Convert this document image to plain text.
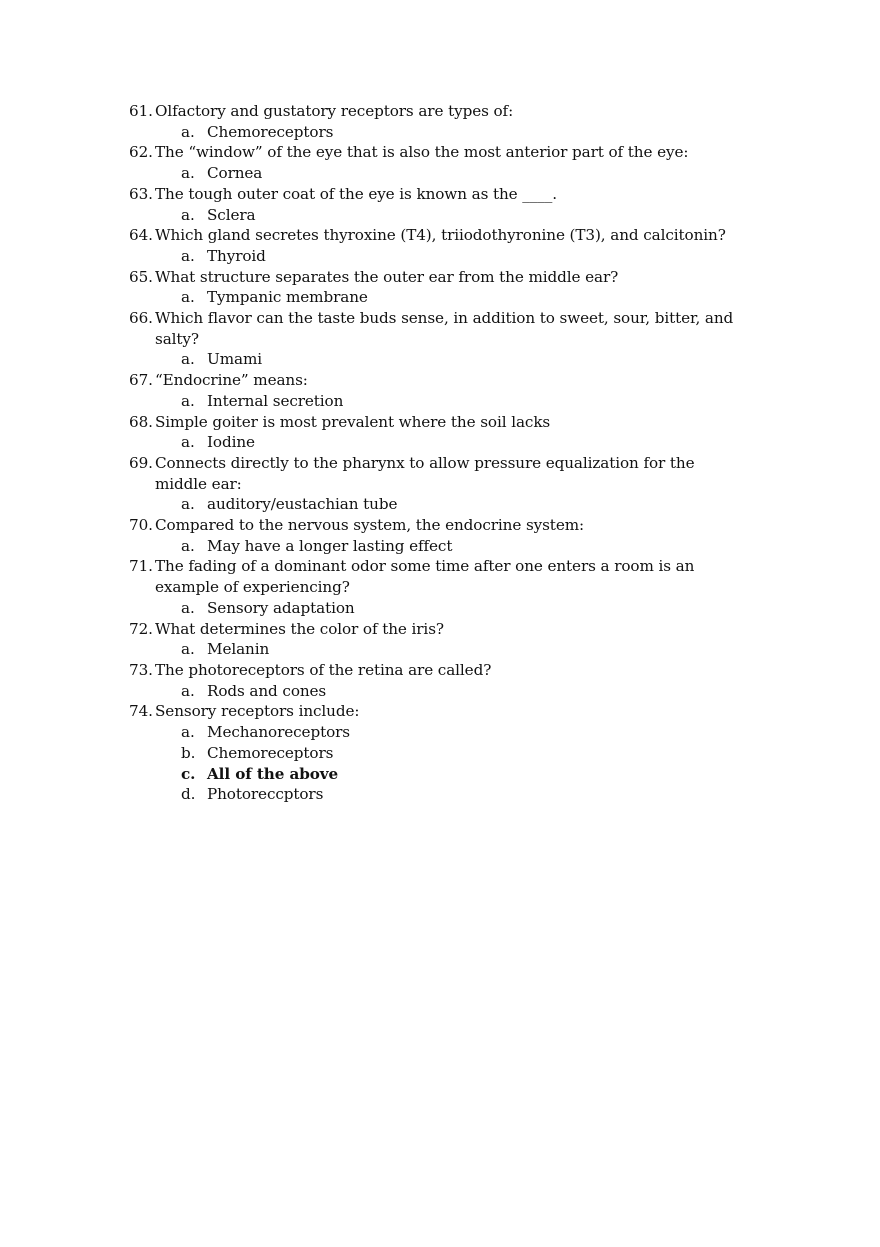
61. Olfactory and gustatory receptors are types of:
a. Chemoreceptors
62. The “window” of the eye that is also the most anterior part of the eye:
a. Cornea
63. The tough outer coat of the eye is known as the ____.
a. Sclera
64. Which gland secretes thyroxine (T4), triiodothyronine (T3), and calcitonin?
a. Thyroid
65. What structure separates the outer ear from the middle ear?
a. Tympanic membrane
66. Which flavor can the taste buds sense, in addition to sweet, sour, bitter, and salty?
a. Umami
67. “Endocrine” means:
a. Internal secretion
68. Simple goiter is most prevalent where the soil lacks
a. Iodine
69. Connects directly to the pharynx to allow pressure equalization for the middle ear:
a. auditory/eustachian tube
70. Compared to the nervous system, the endocrine system:
a. May have a longer lasting effect
71. The fading of a dominant odor some time after one enters a room is an example of experiencing?
a. Sensory adaptation
72. What determines the color of the iris?
a. Melanin
73. The photoreceptors of the retina are called?
a. Rods and cones
74. Sensory receptors include:
a. Mechanoreceptors
b. Chemoreceptors
c. All of the above
d. Photoreccptors
